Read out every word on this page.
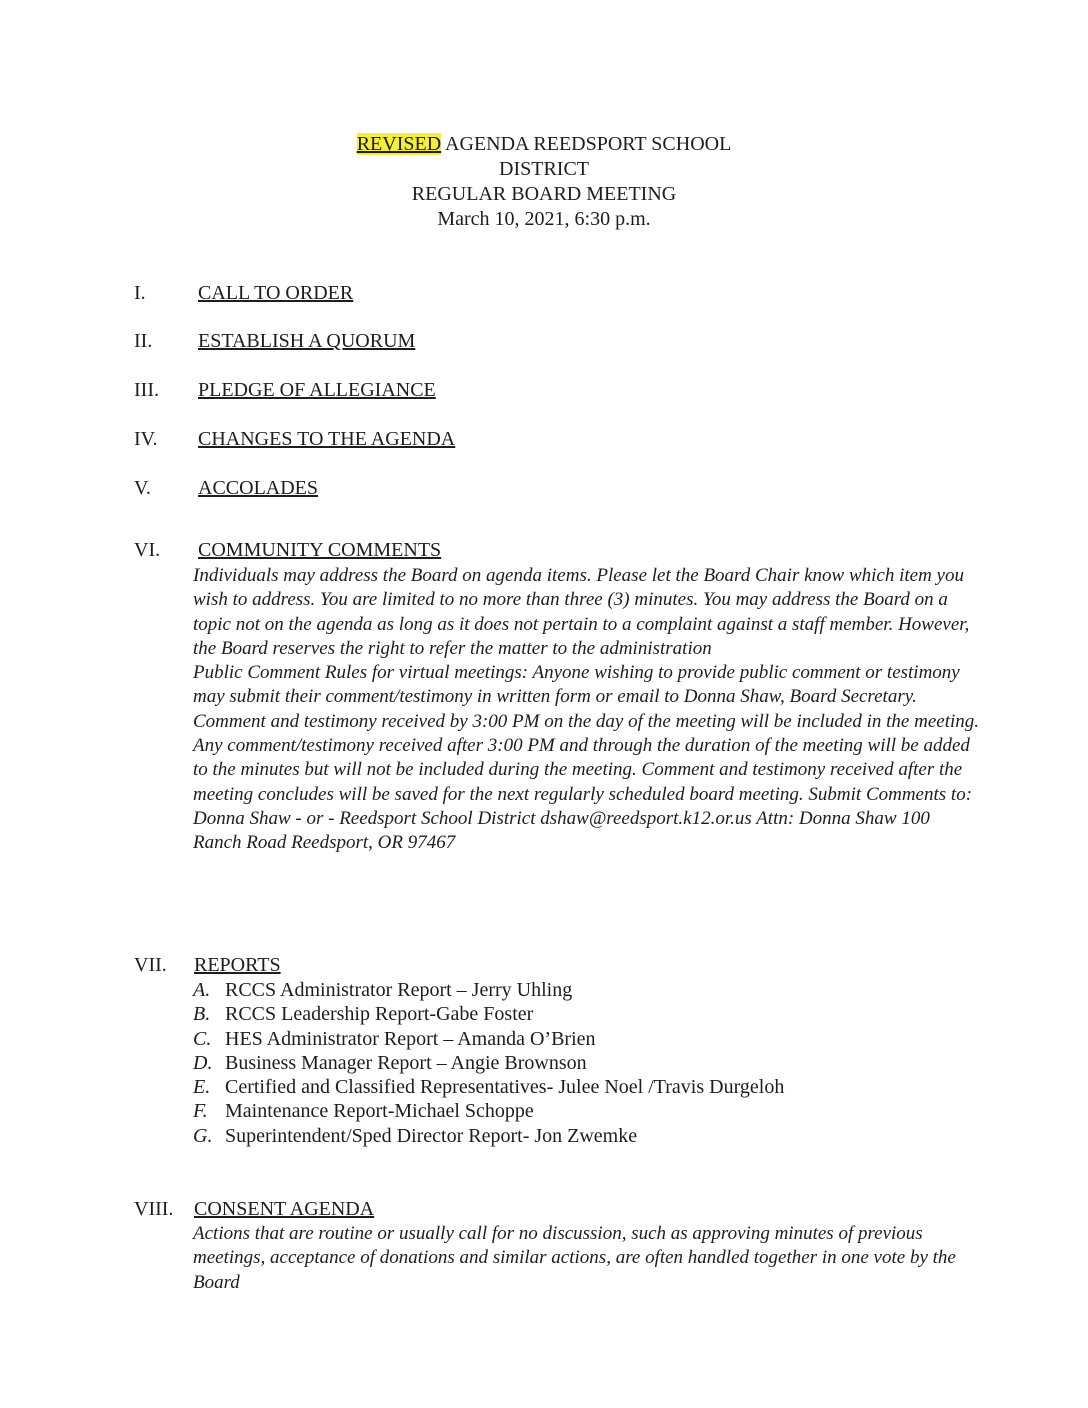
REVISED AGENDA REEDSPORT SCHOOL
DISTRICT
REGULAR BOARD MEETING
March 10, 2021, 6:30 p.m.
I.	CALL TO ORDER
II.	ESTABLISH A QUORUM
III.	PLEDGE OF ALLEGIANCE
IV.	CHANGES TO THE AGENDA
V.	ACCOLADES
VI.	COMMUNITY COMMENTS

Individuals may address the Board on agenda items. Please let the Board Chair know which item you wish to address. You are limited to no more than three (3) minutes. You may address the Board on a topic not on the agenda as long as it does not pertain to a complaint against a staff member. However, the Board reserves the right to refer the matter to the administration

Public Comment Rules for virtual meetings: Anyone wishing to provide public comment or testimony may submit their comment/testimony in written form or email to Donna Shaw, Board Secretary. Comment and testimony received by 3:00 PM on the day of the meeting will be included in the meeting. Any comment/testimony received after 3:00 PM and through the duration of the meeting will be added to the minutes but will not be included during the meeting. Comment and testimony received after the meeting concludes will be saved for the next regularly scheduled board meeting. Submit Comments to: Donna Shaw - or - Reedsport School District dshaw@reedsport.k12.or.us Attn: Donna Shaw 100 Ranch Road Reedsport, OR 97467

VII.	REPORTS
A. RCCS Administrator Report – Jerry Uhling
B. RCCS Leadership Report-Gabe Foster
C. HES Administrator Report – Amanda O’Brien
D. Business Manager Report – Angie Brownson
E. Certified and Classified Representatives- Julee Noel /Travis Durgeloh
F. Maintenance Report-Michael Schoppe
G. Superintendent/Sped Director Report- Jon Zwemke
VIII.	CONSENT AGENDA

Actions that are routine or usually call for no discussion, such as approving minutes of previous meetings, acceptance of donations and similar actions, are often handled together in one vote by the Board
